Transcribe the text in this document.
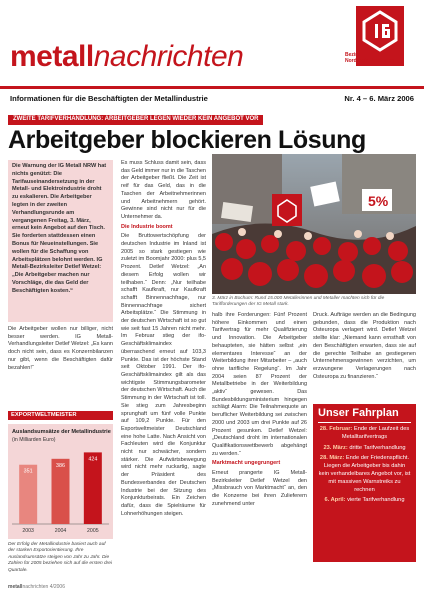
Bezirk
Nordrhein-Westfalen
metallnachrichten
Informationen für die Beschäftigten der Metallindustrie	Nr. 4 – 6. März 2006
ZWEITE TARIFVERHANDLUNG: ARBEITGEBER LEGEN WIEDER KEIN ANGEBOT VOR
Arbeitgeber blockieren Lösung
Die Warnung der IG Metall NRW hat nichts genützt: Die Tarifauseinandersetzung in der Metall- und Elektroindustrie droht zu eskalieren. Die Arbeitgeber legten in der zweiten Verhandlungsrunde am vergangenen Freitag, 3. März, erneut kein Angebot auf den Tisch. Sie forderten stattdessen einen Bonus für Neueinstellungen. Sie wollen für die Schaffung von Arbeitsplätzen belohnt werden. IG Metall-Bezirksleiter Detlef Wetzel: „Die Arbeitgeber machen nur Vorschläge, die das Geld der Beschäftigten kosten.“

Die Arbeitgeber wollen nur billiger, nicht besser werden. IG Metall-Verhandlungsleiter Detlef Wetzel: „Es kann doch nicht sein, dass es Konzernbilanzen nur gibt, wenn die Beschäftigten dafür bezahlen!“

EXPORTWELTMEISTER
Auslandsumsätze der Metallindustrie
(in Milliarden Euro)
351
2003
386
2004
424
2005
Der Erfolg der Metallindustrie basiert auch auf der starken Exportorientierung. Ihre Auslandsumsätze steigen von Jahr zu Jahr. Die Zahlen für 2005 beziehen sich auf die ersten drei Quartale.

Es muss Schluss damit sein, dass das Geld immer nur in die Taschen der Arbeitgeber fließt. Die Zeit ist reif für das Geld, das in die Taschen der Arbeitnehmerinnen und Arbeitnehmern gehört. Gewinne sind nicht nur für die Unternehmer da.

Die Industrie boomt

Die Bruttowertschöpfung der deutschen Industrie im Inland ist 2005 so stark gestiegen wie zuletzt im Boomjahr 2000: plus 5,5 Prozent. Detlef Wetzel: „An diesem Erfolg wollen wir teilhaben.“ Denn: „Nur teilhabe schafft Kaufkraft, nur Kaufkraft schafft Binnennachfrage, nur Binnennachfrage sichert Arbeitsplätze.“ Die Stimmung in der deutschen Wirtschaft ist so gut wie seit fast 15 Jahren nicht mehr. Im Februar stieg der ifo-Geschäftsklimaindex überraschend erneut auf 103,3 Punkte. Das ist der höchste Stand seit Oktober 1991. Der ifo-Geschäftsklimaindex gilt als das wichtigste Stimmungsbarometer der deutschen Wirtschaft. Auch die Stimmung in der Wirtschaft ist toll. Sie stieg zum Jahresbeginn sprunghaft um fünf volle Punkte auf 109,2 Punkte. Für den Exportweltmeister Deutschland eine hohe Latte. Nach Ansicht von Fachleuten wird die Konjunktur nicht nur schwächer, sondern stärker. Die Aufwärtsbewegung wird nicht mehr ruckartig, sagte der Präsident des Bundesverbandes der Deutschen Industrie bei der Sitzung des Konjunkturbeirats. Ein Zeichen dafür, dass die Spielräume für Lohnerhöhungen steigen.

5%
3. März in Bochum: Rund 15.000 Metallerinnen und Metaller machten sich für die Tarifforderungen der IG Metall stark.

halb ihre Forderungen: Fünf Prozent höhere Einkommen und einen Tarifvertrag für mehr Qualifizierung und Innovation. Die Arbeitgeber behaupteten, sie hätten selbst „ein elementares Interesse“ an der Weiterbildung ihrer Mitarbeiter – „auch ohne tarifliche Regelung“. Im Jahr 2004 seien 87 Prozent der Metallbetriebe in der Weiterbildung „aktiv“ gewesen. Das Bundesbildungsministerium hingegen schlägt Alarm: Die Teilnahmequote an beruflicher Weiterbildung sei zwischen 2000 und 2003 um drei Punkte auf 26 Prozent gesunken. Detlef Wetzel: „Deutschland droht im internationalen Qualifikationswettbewerb abgehängt zu werden.“

Marktmacht ungegrungert

Erneut prangerte IG Metall-Bezirksleiter Detlef Wetzel den „Missbrauch von Marktmacht“ an, den die Konzerne bei ihren Zulieferern zunehmend unter

Druck. Aufträge werden an die Bedingung gebunden, dass die Produktion nach Osteuropa verlagert wird. Detlef Wetzel stellte klar: „Niemand kann ernsthaft von den Beschäftigten erwarten, dass sie auf die gerechte Teilhabe an gestiegenen Unternehmensgewinnen verzichten, um erzwungene Verlagerungen nach Osteuropa zu finanzieren.“

Unser Fahrplan
28. Februar: Ende der Laufzeit des Metalltarifvertrags
23. März: dritte Tarifverhandlung
28. März: Ende der Friedenspflicht. Liegen die Arbeitgeber bis dahin kein verhandelbares Angebot vor, ist mit massiven Warnstreiks zu rechnen
6. April: vierte Tarifverhandlung
metallnachrichten 4/2006
